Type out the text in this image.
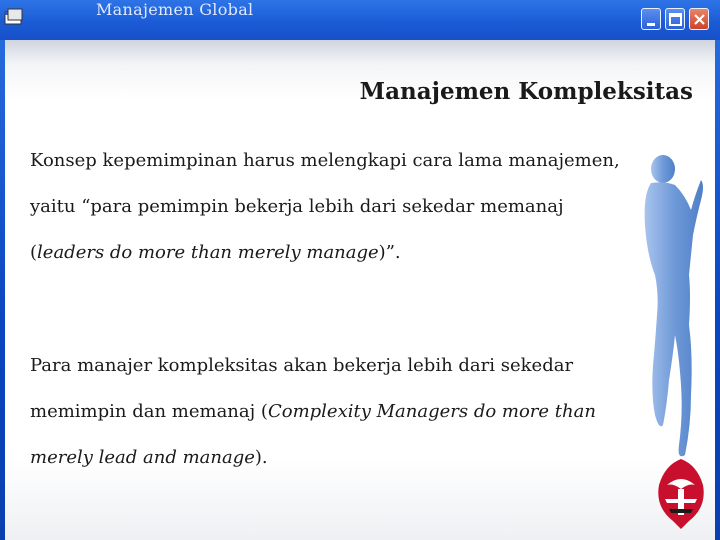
Manajemen Global
Manajemen Kompleksitas

Konsep kepemimpinan harus melengkapi cara lama manajemen, yaitu “para pemimpin bekerja lebih dari sekedar memanaj (leaders do more than merely manage)”.

Para manajer kompleksitas akan bekerja lebih dari sekedar memimpin dan memanaj (Complexity Managers do more than merely lead and manage).
